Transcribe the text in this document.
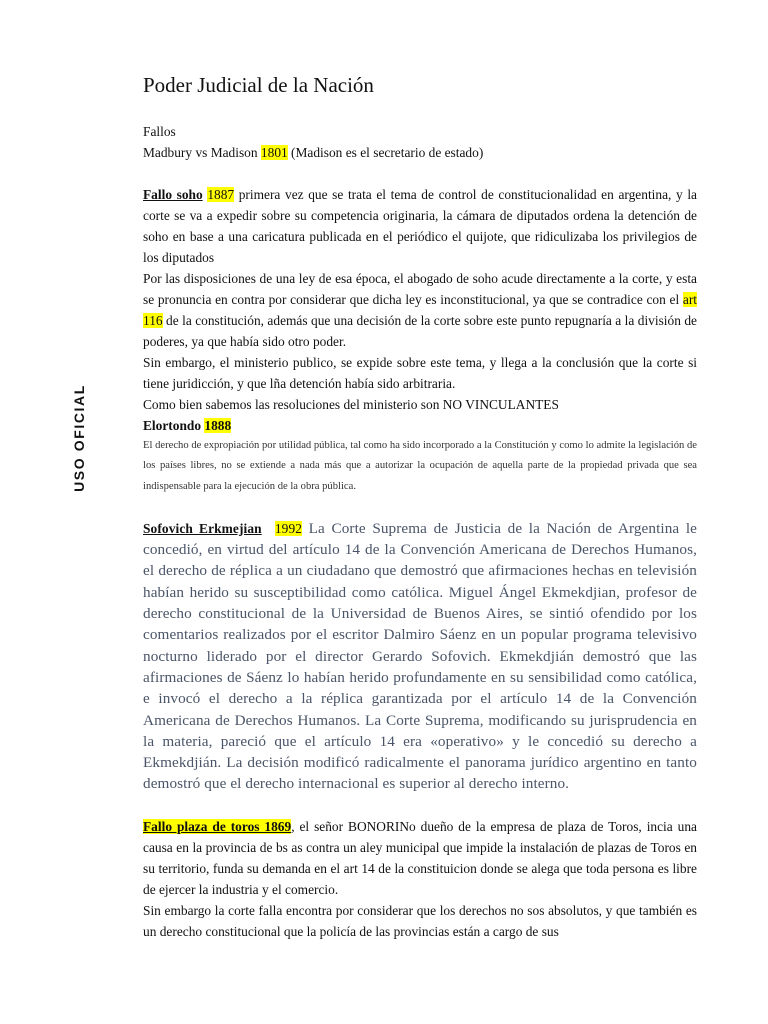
USO OFICIAL
Poder Judicial de la Nación

Fallos

Madbury vs Madison 1801 (Madison es el secretario de estado)

Fallo soho 1887 primera vez que se trata el tema de control de constitucionalidad en argentina, y la corte se va a expedir sobre su competencia originaria, la cámara de diputados ordena la detención de soho en base a una caricatura publicada en el periódico el quijote, que ridiculizaba los privilegios de los diputados

Por las disposiciones de una ley de esa época, el abogado de soho acude directamente a la corte, y esta se pronuncia en contra por considerar que dicha ley es inconstitucional, ya que se contradice con el art 116 de la constitución, además que una decisión de la corte sobre este punto repugnaría a la división de poderes, ya que había sido otro poder.

Sin embargo, el ministerio publico, se expide sobre este tema, y llega a la conclusión que la corte si tiene juridicción, y que lña detención había sido arbitraria.

Como bien sabemos las resoluciones del ministerio son NO VINCULANTES

Elortondo 1888

El derecho de expropiación por utilidad pública, tal como ha sido incorporado a la Constitución y como lo admite la legislación de los países libres, no se extiende a nada más que a autorizar la ocupación de aquella parte de la propiedad privada que sea indispensable para la ejecución de la obra pública.

Sofovich Erkmejian 1992 La Corte Suprema de Justicia de la Nación de Argentina le concedió, en virtud del artículo 14 de la Convención Americana de Derechos Humanos, el derecho de réplica a un ciudadano que demostró que afirmaciones hechas en televisión habían herido su susceptibilidad como católica. Miguel Ángel Ekmekdjian, profesor de derecho constitucional de la Universidad de Buenos Aires, se sintió ofendido por los comentarios realizados por el escritor Dalmiro Sáenz en un popular programa televisivo nocturno liderado por el director Gerardo Sofovich. Ekmekdjián demostró que las afirmaciones de Sáenz lo habían herido profundamente en su sensibilidad como católica, e invocó el derecho a la réplica garantizada por el artículo 14 de la Convención Americana de Derechos Humanos. La Corte Suprema, modificando su jurisprudencia en la materia, pareció que el artículo 14 era «operativo» y le concedió su derecho a Ekmekdjián. La decisión modificó radicalmente el panorama jurídico argentino en tanto demostró que el derecho internacional es superior al derecho interno.

Fallo plaza de toros 1869, el señor BONORINo dueño de la empresa de plaza de Toros, incia una causa en la provincia de bs as contra un aley municipal que impide la instalación de plazas de Toros en su territorio, funda su demanda en el art 14 de la constituicion donde se alega que toda persona es libre de ejercer la industria y el comercio.

Sin embargo la corte falla encontra por considerar que los derechos no sos absolutos, y que también es un derecho constitucional que la policía de las provincias están a cargo de sus
